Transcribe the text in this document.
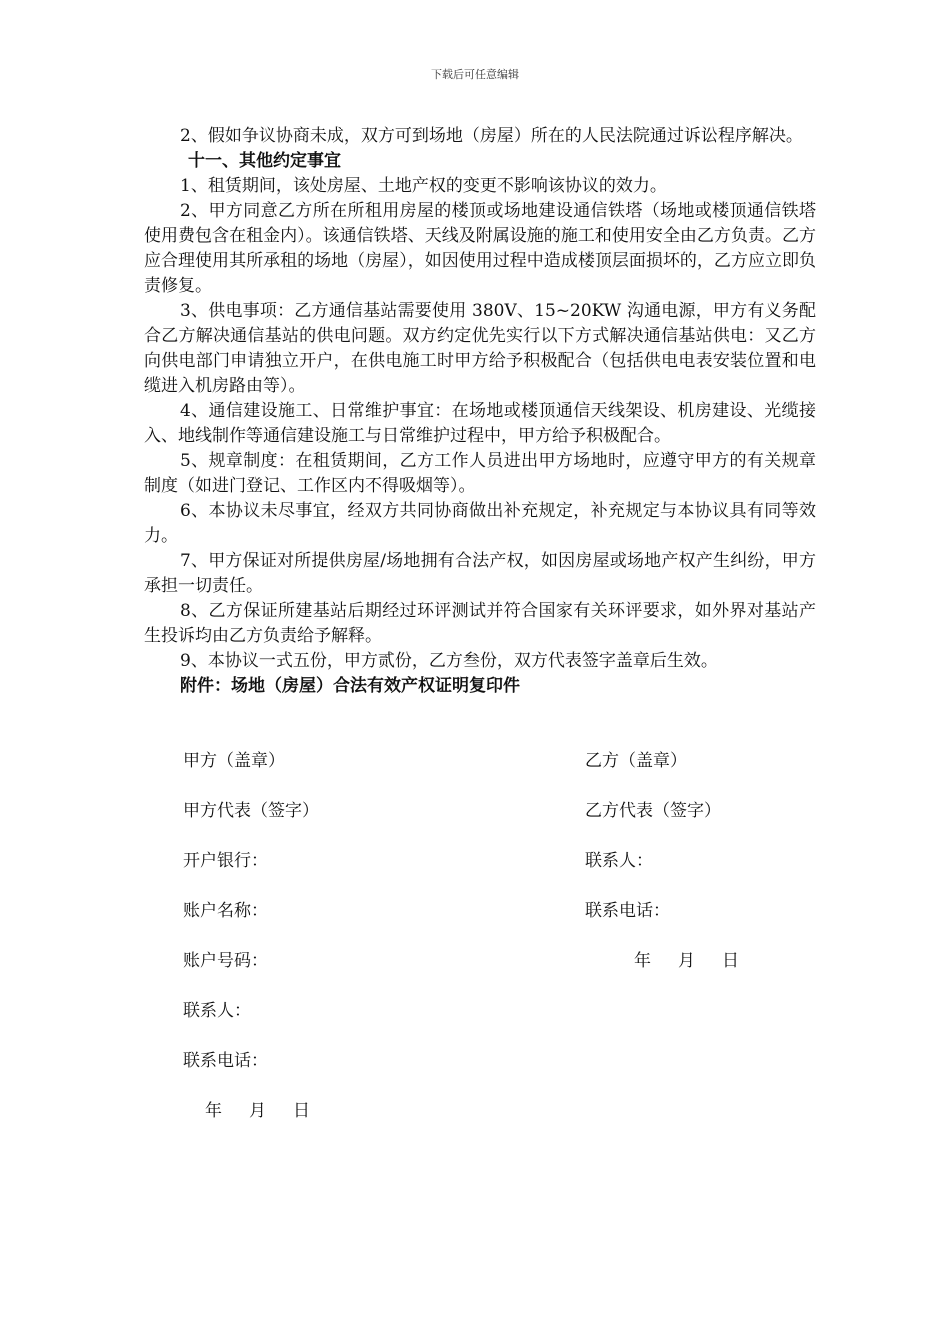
下载后可任意编辑

2、假如争议协商未成，双方可到场地（房屋）所在的人民法院通过诉讼程序解决。

十一、其他约定事宜

1、租赁期间，该处房屋、土地产权的变更不影响该协议的效力。

2、甲方同意乙方所在所租用房屋的楼顶或场地建设通信铁塔（场地或楼顶通信铁塔使用费包含在租金内）。该通信铁塔、天线及附属设施的施工和使用安全由乙方负责。乙方应合理使用其所承租的场地（房屋），如因使用过程中造成楼顶层面损坏的，乙方应立即负责修复。

3、供电事项：乙方通信基站需要使用 380V、15~20KW 沟通电源，甲方有义务配合乙方解决通信基站的供电问题。双方约定优先实行以下方式解决通信基站供电：又乙方向供电部门申请独立开户，在供电施工时甲方给予积极配合（包括供电电表安装位置和电缆进入机房路由等）。

4、通信建设施工、日常维护事宜：在场地或楼顶通信天线架设、机房建设、光缆接入、地线制作等通信建设施工与日常维护过程中，甲方给予积极配合。

5、规章制度：在租赁期间，乙方工作人员进出甲方场地时，应遵守甲方的有关规章制度（如进门登记、工作区内不得吸烟等）。

6、本协议未尽事宜，经双方共同协商做出补充规定，补充规定与本协议具有同等效力。

7、甲方保证对所提供房屋/场地拥有合法产权，如因房屋或场地产权产生纠纷，甲方承担一切责任。

8、乙方保证所建基站后期经过环评测试并符合国家有关环评要求，如外界对基站产生投诉均由乙方负责给予解释。

9、本协议一式五份，甲方贰份，乙方叁份，双方代表签字盖章后生效。

附件：场地（房屋）合法有效产权证明复印件

甲方（盖章）	乙方（盖章）
甲方代表（签字）	乙方代表（签字）
开户银行：	联系人：
账户名称：	联系电话：
账户号码：	年     月     日
联系人：
联系电话：
年     月     日
